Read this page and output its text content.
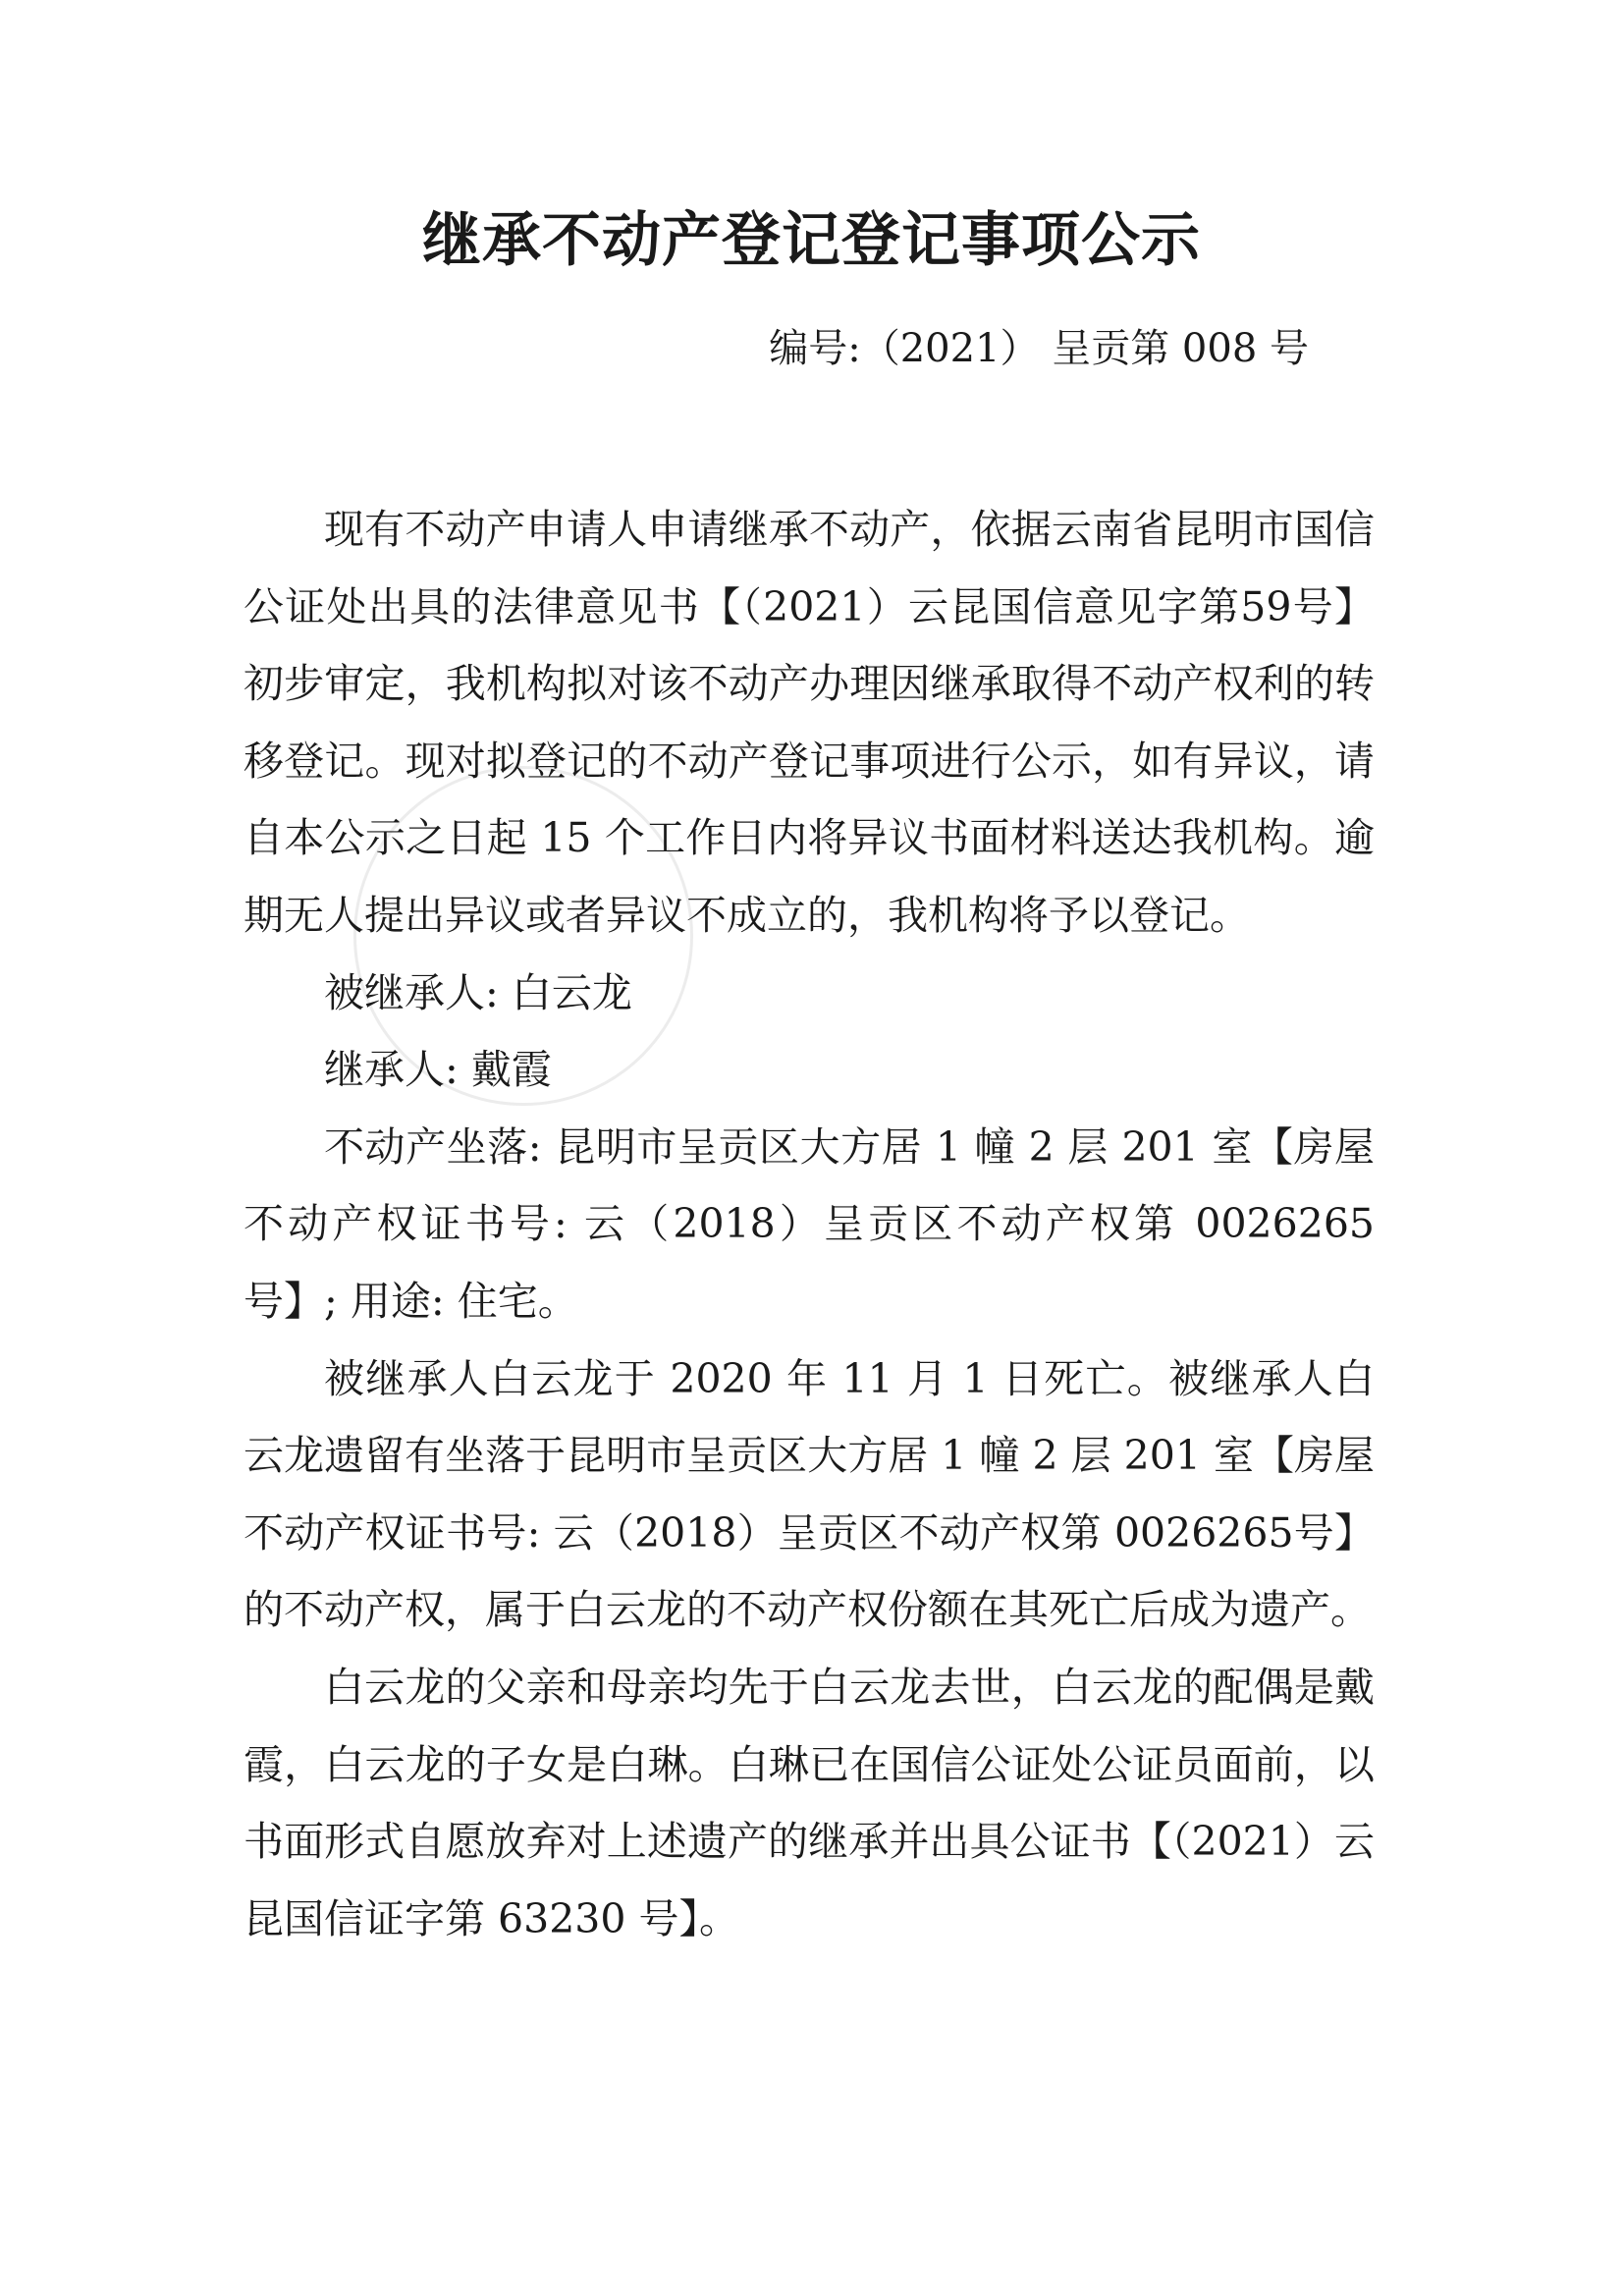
继承不动产登记登记事项公示
编号:（2021） 呈贡第 008 号

现有不动产申请人申请继承不动产，依据云南省昆明市国信公证处出具的法律意见书【（2021）云昆国信意见字第59号】初步审定，我机构拟对该不动产办理因继承取得不动产权利的转移登记。现对拟登记的不动产登记事项进行公示，如有异议，请自本公示之日起 15 个工作日内将异议书面材料送达我机构。逾期无人提出异议或者异议不成立的，我机构将予以登记。

被继承人: 白云龙

继承人: 戴霞

不动产坐落: 昆明市呈贡区大方居 1 幢 2 层 201 室【房屋不动产权证书号: 云（2018）呈贡区不动产权第 0026265号】; 用途: 住宅。

被继承人白云龙于 2020 年 11 月 1 日死亡。被继承人白云龙遗留有坐落于昆明市呈贡区大方居 1 幢 2 层 201 室【房屋不动产权证书号: 云（2018）呈贡区不动产权第 0026265号】的不动产权，属于白云龙的不动产权份额在其死亡后成为遗产。

白云龙的父亲和母亲均先于白云龙去世，白云龙的配偶是戴霞，白云龙的子女是白琳。白琳已在国信公证处公证员面前，以书面形式自愿放弃对上述遗产的继承并出具公证书【（2021）云昆国信证字第 63230 号】。
